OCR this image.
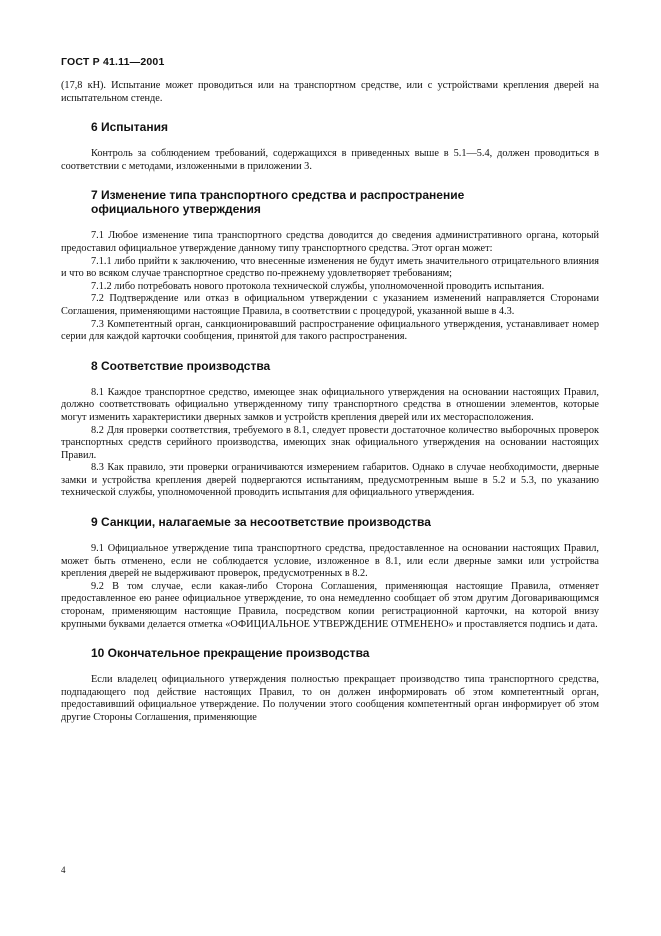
ГОСТ Р 41.11—2001

(17,8 кН). Испытание может проводиться или на транспортном средстве, или с устройствами крепления дверей на испытательном стенде.

6 Испытания

Контроль за соблюдением требований, содержащихся в приведенных выше в 5.1—5.4, должен проводиться в соответствии с методами, изложенными в приложении 3.

7 Изменение типа транспортного средства и распространение официального утверждения

7.1 Любое изменение типа транспортного средства доводится до сведения административного органа, который предоставил официальное утверждение данному типу транспортного средства. Этот орган может:

7.1.1 либо прийти к заключению, что внесенные изменения не будут иметь значительного отрицательного влияния и что во всяком случае транспортное средство по-прежнему удовлетворяет требованиям;

7.1.2 либо потребовать нового протокола технической службы, уполномоченной проводить испытания.

7.2 Подтверждение или отказ в официальном утверждении с указанием изменений направляется Сторонами Соглашения, применяющими настоящие Правила, в соответствии с процедурой, указанной выше в 4.3.

7.3 Компетентный орган, санкционировавший распространение официального утверждения, устанавливает номер серии для каждой карточки сообщения, принятой для такого распространения.

8 Соответствие производства

8.1 Каждое транспортное средство, имеющее знак официального утверждения на основании настоящих Правил, должно соответствовать официально утвержденному типу транспортного средства в отношении элементов, которые могут изменить характеристики дверных замков и устройств крепления дверей или их месторасположения.

8.2 Для проверки соответствия, требуемого в 8.1, следует провести достаточное количество выборочных проверок транспортных средств серийного производства, имеющих знак официального утверждения на основании настоящих Правил.

8.3 Как правило, эти проверки ограничиваются измерением габаритов. Однако в случае необходимости, дверные замки и устройства крепления дверей подвергаются испытаниям, предусмотренным выше в 5.2 и 5.3, по указанию технической службы, уполномоченной проводить испытания для официального утверждения.

9 Санкции, налагаемые за несоответствие производства

9.1 Официальное утверждение типа транспортного средства, предоставленное на основании настоящих Правил, может быть отменено, если не соблюдается условие, изложенное в 8.1, или если дверные замки или устройства крепления дверей не выдерживают проверок, предусмотренных в 8.2.

9.2 В том случае, если какая-либо Сторона Соглашения, применяющая настоящие Правила, отменяет предоставленное ею ранее официальное утверждение, то она немедленно сообщает об этом другим Договаривающимся сторонам, применяющим настоящие Правила, посредством копии регистрационной карточки, на которой внизу крупными буквами делается отметка «ОФИЦИАЛЬНОЕ УТВЕРЖДЕНИЕ ОТМЕНЕНО» и проставляется подпись и дата.

10 Окончательное прекращение производства

Если владелец официального утверждения полностью прекращает производство типа транспортного средства, подпадающего под действие настоящих Правил, то он должен информировать об этом компетентный орган, предоставивший официальное утверждение. По получении этого сообщения компетентный орган информирует об этом другие Стороны Соглашения, применяющие

4
